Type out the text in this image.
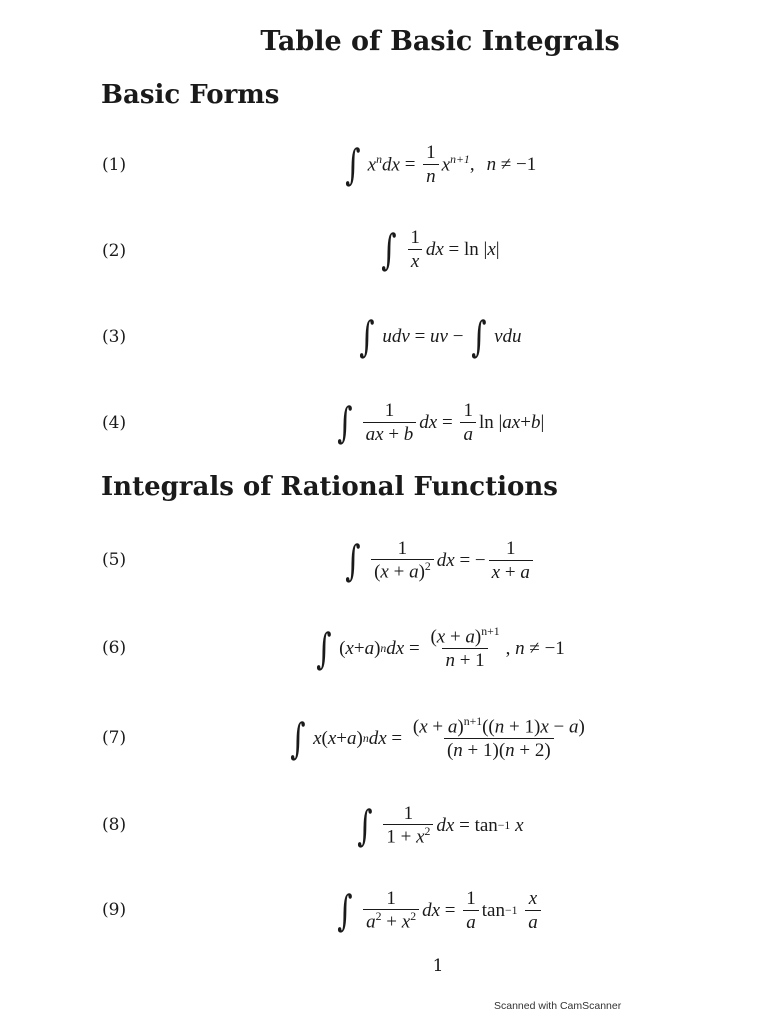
Table of Basic Integrals
Basic Forms
Integrals of Rational Functions
(1)
(2)
(3)
(4)
(5)
(6)
(7)
(8)
(9)
∫ $x^ndx = \frac{1}{n} x^{n+1}$ , n ≠ −1
∫ $\frac{1}{x}$ dx = ln | x |
∫ udv = uv − ∫ vdu
∫ $\frac{1}{ax + b}$ dx = $\frac{1}{a}$ ln | ax + b |
∫ $\frac{1}{(x + a)^2}$ dx = − $\frac{1}{x + a}$
∫ ( x + a ) n dx = $\frac{(x + a)^{n+1}}{n + 1}$ , n ≠ −1
∫ x ( x + a ) n dx = $\frac{(x + a)^{n+1}((n + 1)x - a)}{(n + 1)(n + 2)}$
∫ $\frac{1}{1 + x^2}$ dx = tan −1
x
∫ $\frac{1}{a^2 + x^2}$ dx = $\frac{1}{a}$ tan −1
$\frac{x}{a}$
1
Scanned with CamScanner
